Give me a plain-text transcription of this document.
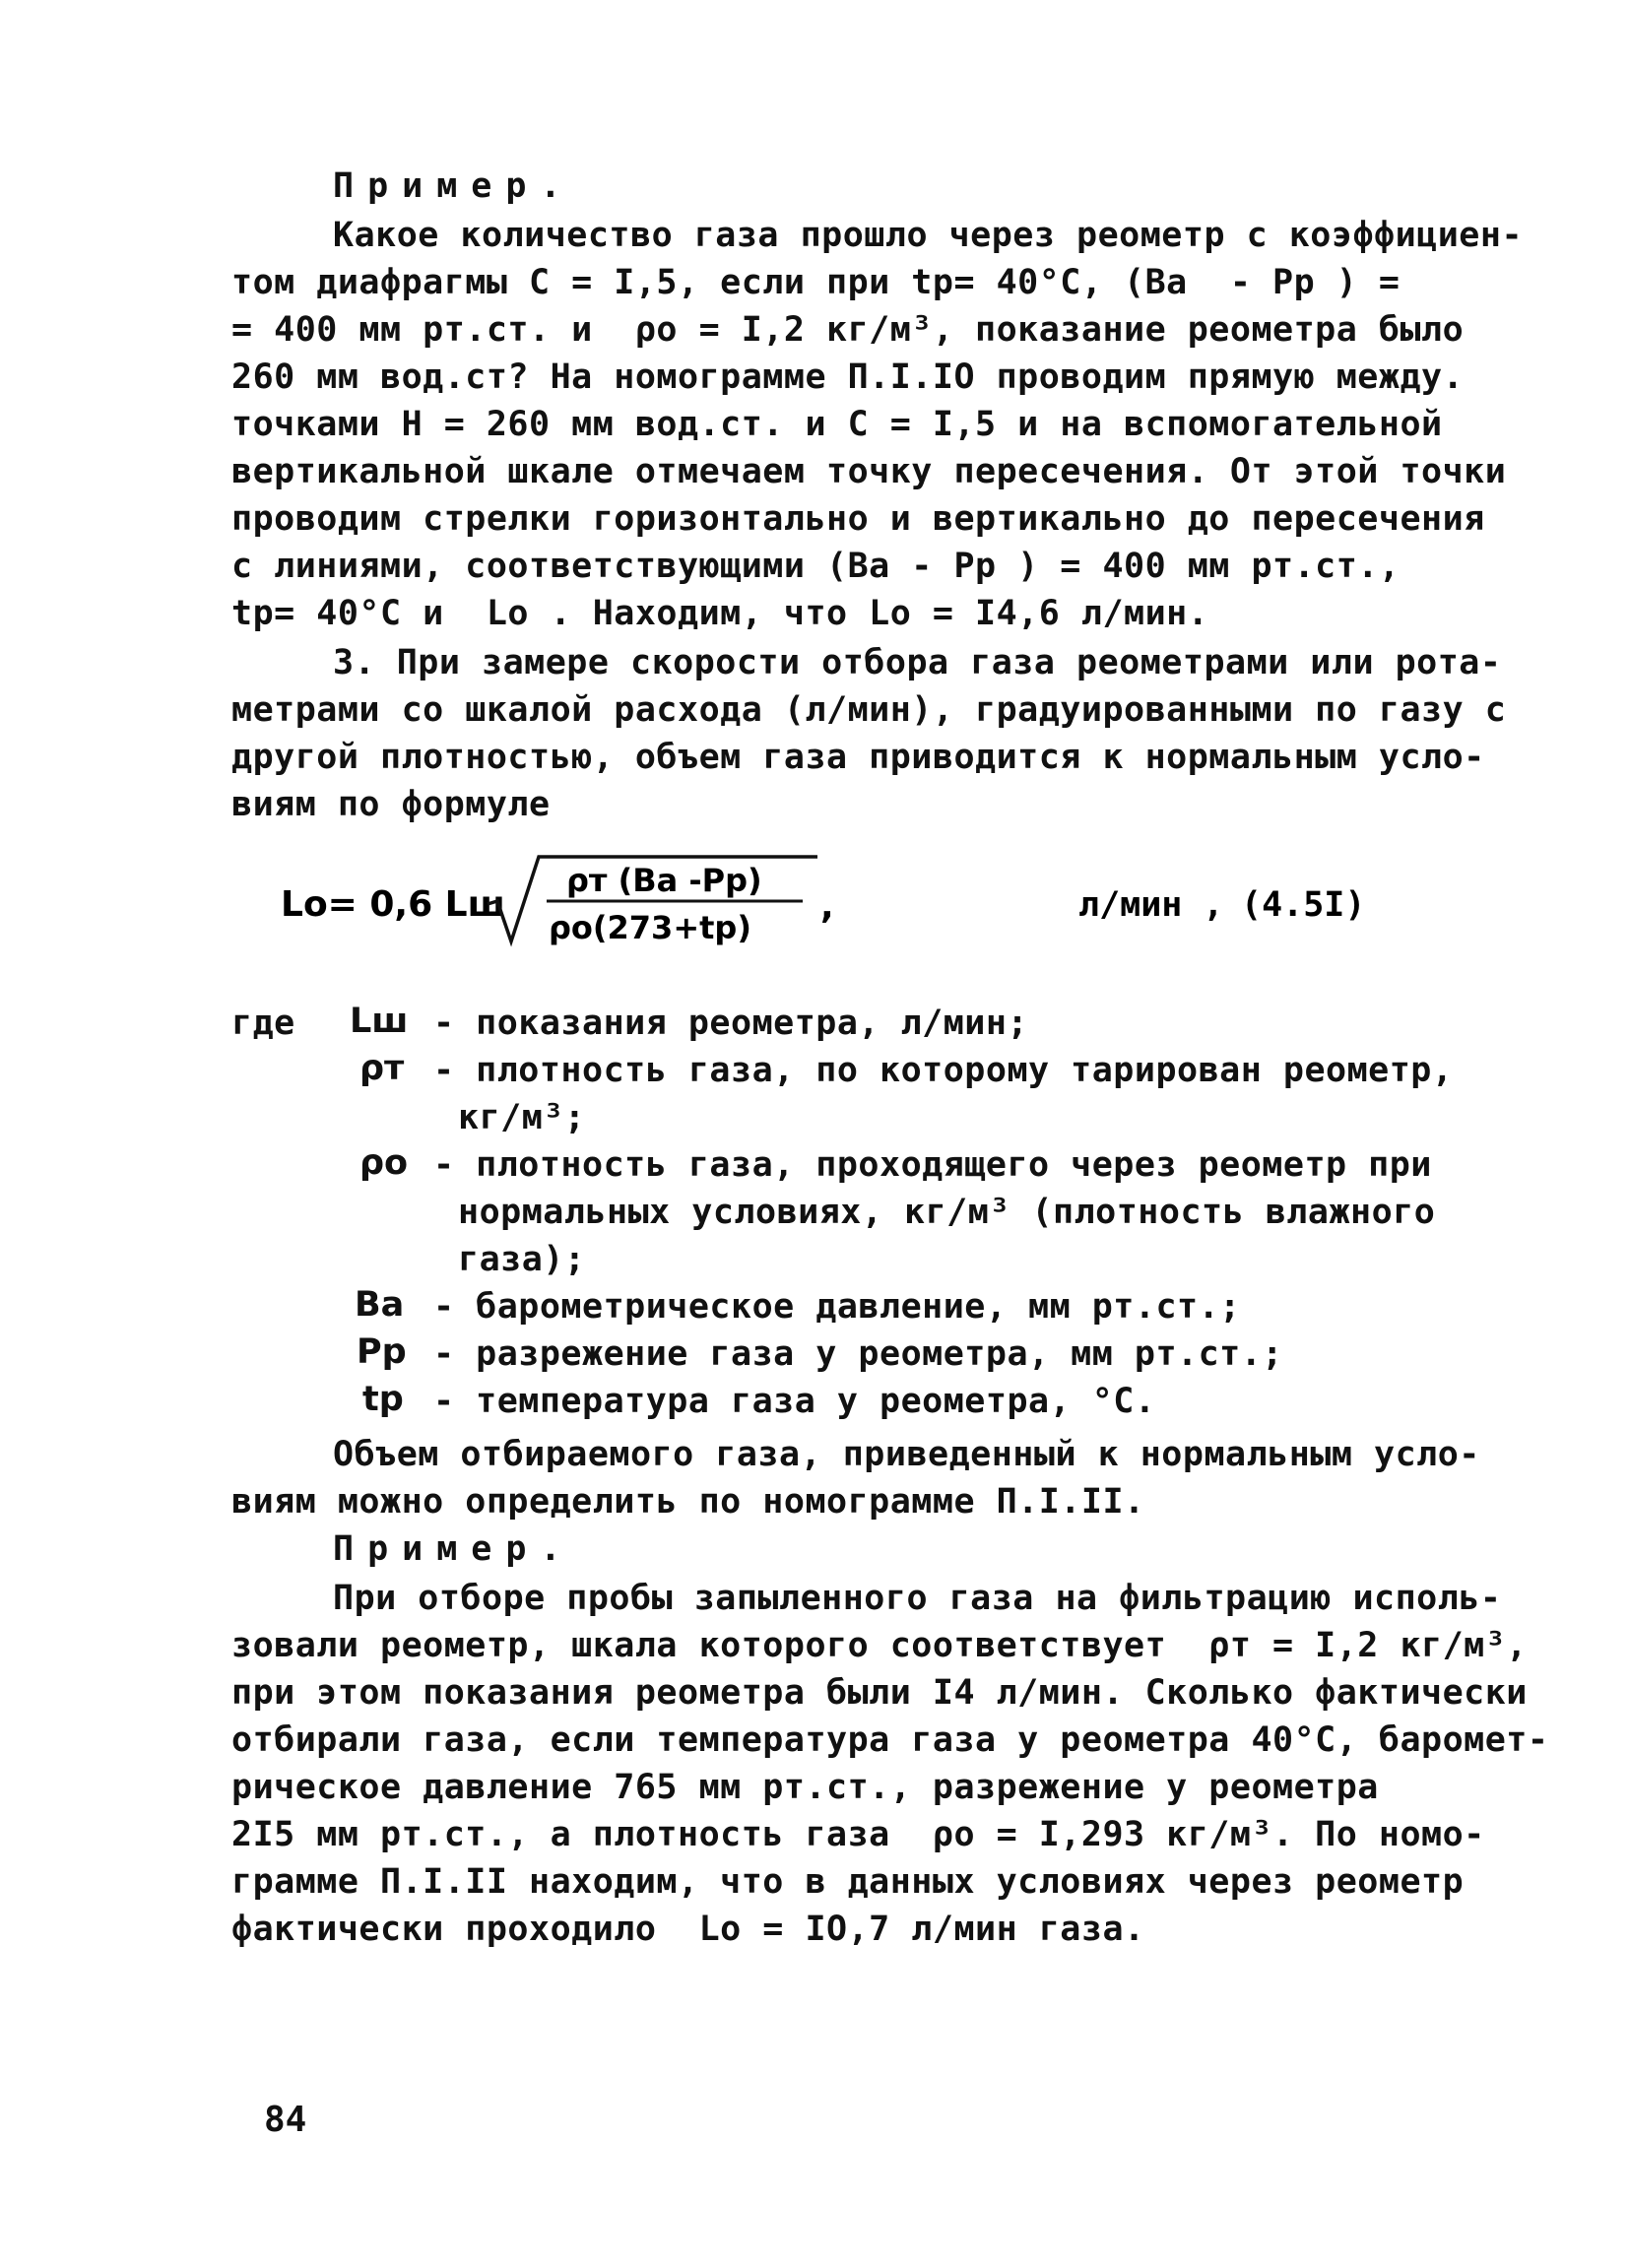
Пример.
Какое количество газа прошло через реометр с коэффициен-
том диафрагмы С = I,5, если при tр= 40°С, (Ва  - Рр ) =
= 400 мм рт.ст. и  ρо = I,2 кг/м³, показание реометра было
260 мм вод.ст? На номограмме П.I.IO проводим прямую между.
точками Н = 260 мм вод.ст. и С = I,5 и на вспомогательной
вертикальной шкале отмечаем точку пересечения. От этой точки
проводим стрелки горизонтально и вертикально до пересечения
с линиями, соответствующими (Ва - Рр ) = 400 мм рт.ст.,
tр= 40°С и  Lо . Находим, что Lо = I4,6 л/мин.
3. При замере скорости отбора газа реометрами или рота-
метрами со шкалой расхода (л/мин), градуированными по газу с
другой плотностью, объем газа приводится к нормальным усло-
виям по формуле
Lо= 0,6 Lш
ρт (Ва -Рр)
ρо(273+tр)
,	л/мин , (4.5I)
где Lш - показания реометра, л/мин;
ρт - плотность газа, по которому тарирован реометр,
кг/м³;
ρо - плотность газа, проходящего через реометр при
нормальных условиях, кг/м³ (плотность влажного
газа);
Ва - барометрическое давление, мм рт.ст.;
Рр - разрежение газа у реометра, мм рт.ст.;
tр - температура газа у реометра, °С.
Объем отбираемого газа, приведенный к нормальным усло-
виям можно определить по номограмме П.I.II.
Пример.
При отборе пробы запыленного газа на фильтрацию исполь-
зовали реометр, шкала которого соответствует  ρт = I,2 кг/м³,
при этом показания реометра были I4 л/мин. Сколько фактически
отбирали газа, если температура газа у реометра 40°С, баромет-
рическое давление 765 мм рт.ст., разрежение у реометра
2I5 мм рт.ст., а плотность газа  ρо = I,293 кг/м³. По номо-
грамме П.I.II находим, что в данных условиях через реометр
фактически проходило  Lо = IO,7 л/мин газа.
84
